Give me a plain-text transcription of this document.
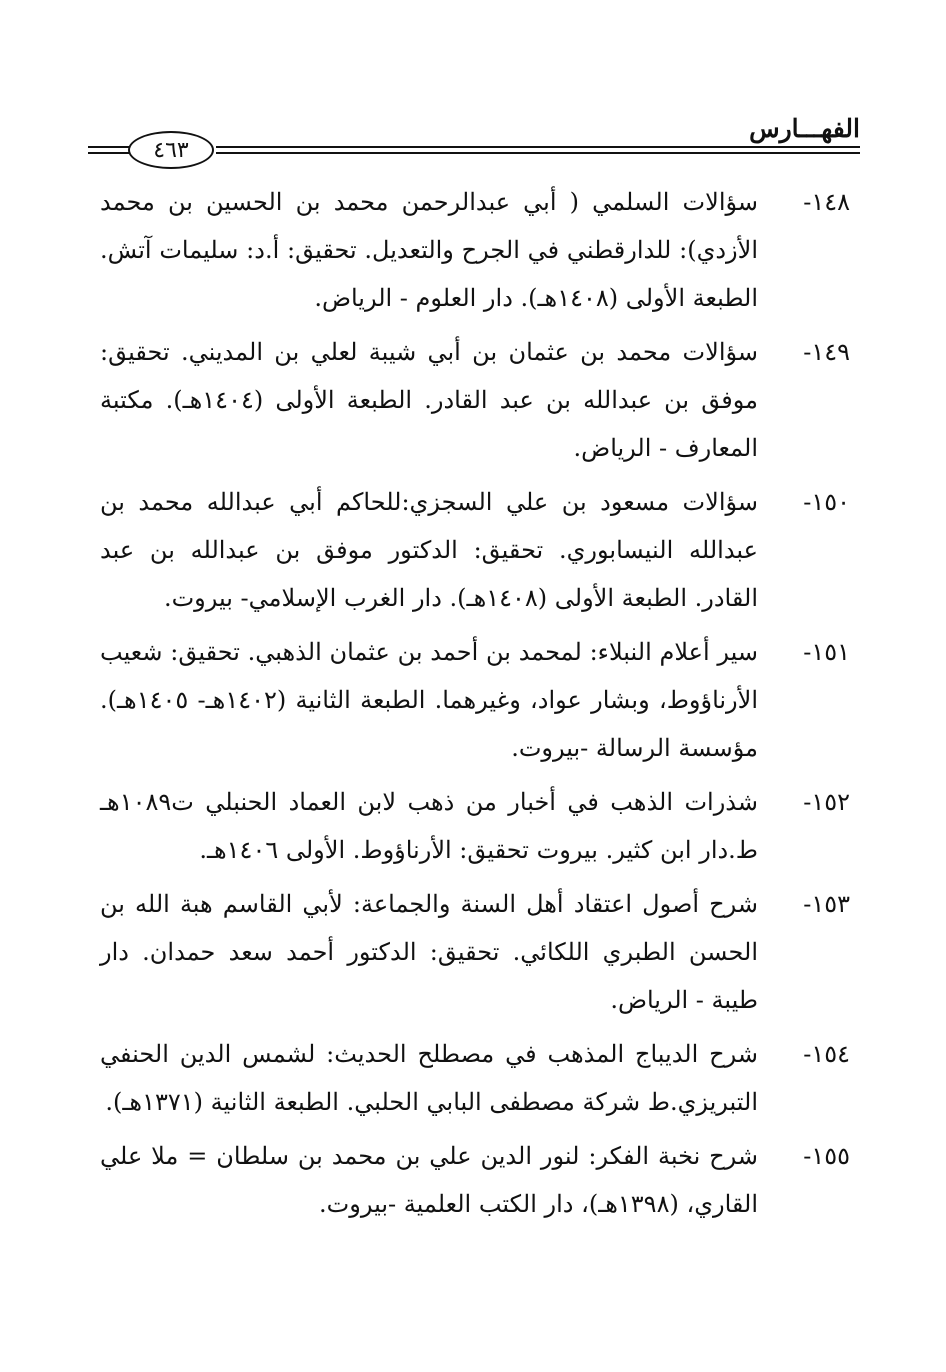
الفهـــارس
٤٦٣
١٤٨-

سؤالات السلمي ( أبي عبدالرحمن محمد بن الحسين بن محمد الأزدي): للدارقطني في الجرح والتعديل. تحقيق: أ.د: سليمات آتش. الطبعة الأولى (١٤٠٨هـ). دار العلوم - الرياض.

١٤٩-

سؤالات محمد بن عثمان بن أبي شيبة لعلي بن المديني. تحقيق: موفق بن عبدالله بن عبد القادر. الطبعة الأولى (١٤٠٤هـ). مكتبة المعارف - الرياض.

١٥٠-

سؤالات مسعود بن علي السجزي:للحاكم أبي عبدالله محمد بن عبدالله النيسابوري. تحقيق: الدكتور موفق بن عبدالله بن عبد القادر. الطبعة الأولى (١٤٠٨هـ). دار الغرب الإسلامي- بيروت.

١٥١-

سير أعلام النبلاء: لمحمد بن أحمد بن عثمان الذهبي. تحقيق: شعيب الأرناؤوط، وبشار عواد، وغيرهما. الطبعة الثانية (١٤٠٢هـ- ١٤٠٥هـ). مؤسسة الرسالة -بيروت.

١٥٢-

شذرات الذهب في أخبار من ذهب لابن العماد الحنبلي ت١٠٨٩هـ ط.دار ابن كثير. بيروت تحقيق: الأرناؤوط. الأولى ١٤٠٦هـ.

١٥٣-

شرح أصول اعتقاد أهل السنة والجماعة: لأبي القاسم هبة الله بن الحسن الطبري اللكائي. تحقيق: الدكتور أحمد سعد حمدان. دار طيبة - الرياض.

١٥٤-

شرح الديباج المذهب في مصطلح الحديث: لشمس الدين الحنفي التبريزي.ط شركة مصطفى البابي الحلبي. الطبعة الثانية (١٣٧١هـ).

١٥٥-

شرح نخبة الفكر: لنور الدين علي بن محمد بن سلطان = ملا علي القاري، (١٣٩٨هـ)، دار الكتب العلمية -بيروت.
